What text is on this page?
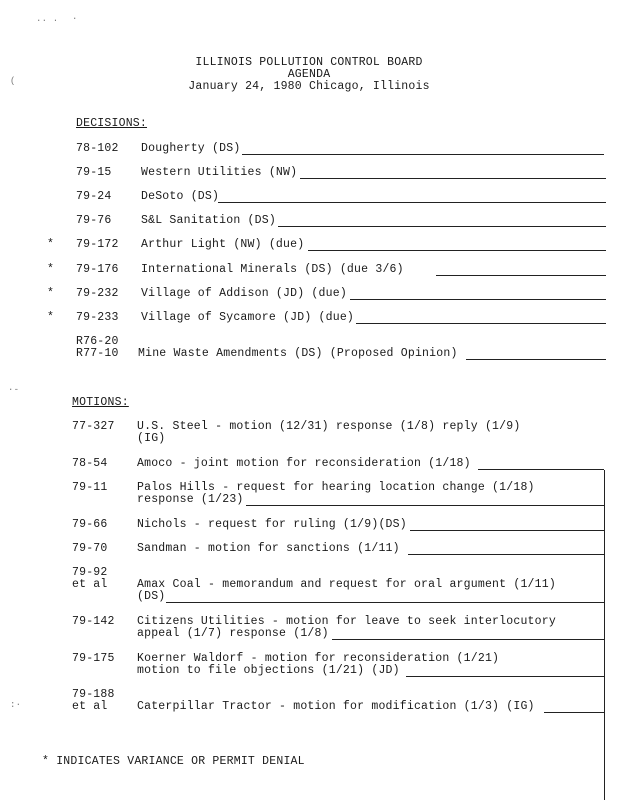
·· · ·
(
·-
:·
ILLINOIS POLLUTION CONTROL BOARD
AGENDA
January 24, 1980 Chicago, Illinois
DECISIONS:
78-102 Dougherty (DS)
79-15	Western Utilities (NW)
79-24	DeSoto (DS)
79-76	S&L Sanitation (DS)
* 79-172 Arthur Light (NW) (due)
* 79-176 International Minerals (DS) (due 3/6)
* 79-232 Village of Addison (JD) (due)
* 79-233 Village of Sycamore (JD) (due)
R76-20
R77-10 Mine Waste Amendments (DS) (Proposed Opinion)
MOTIONS:
77-327 U.S. Steel - motion (12/31) response (1/8) reply (1/9)
(IG)
78-54	Amoco - joint motion for reconsideration (1/18)
79-11	Palos Hills - request for hearing location change (1/18)
response (1/23)
79-66	Nichols - request for ruling (1/9)(DS)
79-70	Sandman - motion for sanctions (1/11)
79-92
et al	Amax Coal - memorandum and request for oral argument (1/11)
(DS)
79-142 Citizens Utilities - motion for leave to seek interlocutory
appeal (1/7) response (1/8)
79-175 Koerner Waldorf - motion for reconsideration (1/21)
motion to file objections (1/21) (JD)
79-188
et al	Caterpillar Tractor - motion for modification (1/3) (IG)
* INDICATES VARIANCE OR PERMIT DENIAL
